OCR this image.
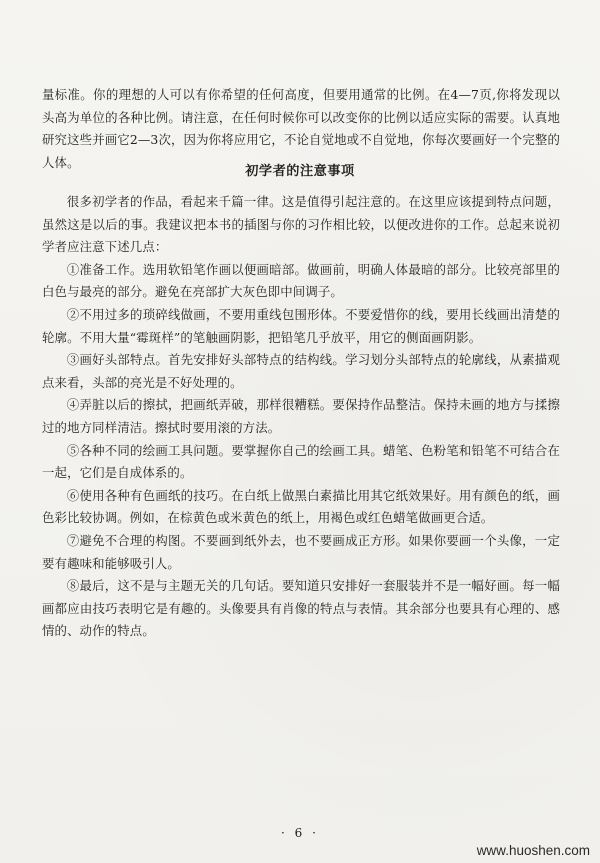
量标准。你的理想的人可以有你希望的任何高度，但要用通常的比例。在4—7页,你将发现以头高为单位的各种比例。请注意，在任何时候你可以改变你的比例以适应实际的需要。认真地研究这些并画它2—3次，因为你将应用它，不论自觉地或不自觉地，你每次要画好一个完整的人体。

初学者的注意事项

很多初学者的作品，看起来千篇一律。这是值得引起注意的。在这里应该提到特点问题，虽然这是以后的事。我建议把本书的插图与你的习作相比较，以便改进你的工作。总起来说初学者应注意下述几点：

①准备工作。选用软铅笔作画以便画暗部。做画前，明确人体最暗的部分。比较亮部里的白色与最亮的部分。避免在亮部扩大灰色即中间调子。

②不用过多的琐碎线做画，不要用重线包围形体。不要爱惜你的线，要用长线画出清楚的轮廓。不用大量“霉斑样”的笔触画阴影，把铅笔几乎放平，用它的侧面画阴影。

③画好头部特点。首先安排好头部特点的结构线。学习划分头部特点的轮廓线，从素描观点来看，头部的亮光是不好处理的。

④弄脏以后的擦拭，把画纸弄破，那样很糟糕。要保持作品整洁。保持未画的地方与揉擦过的地方同样清洁。擦拭时要用滚的方法。

⑤各种不同的绘画工具问题。要掌握你自己的绘画工具。蜡笔、色粉笔和铅笔不可结合在一起，它们是自成体系的。

⑥使用各种有色画纸的技巧。在白纸上做黑白素描比用其它纸效果好。用有颜色的纸，画色彩比较协调。例如，在棕黄色或米黄色的纸上，用褐色或红色蜡笔做画更合适。

⑦避免不合理的构图。不要画到纸外去，也不要画成正方形。如果你要画一个头像，一定要有趣味和能够吸引人。

⑧最后，这不是与主题无关的几句话。要知道只安排好一套服装并不是一幅好画。每一幅画都应由技巧表明它是有趣的。头像要具有肖像的特点与表情。其余部分也要具有心理的、感情的、动作的特点。

· 6 ·
www.huoshen.com
